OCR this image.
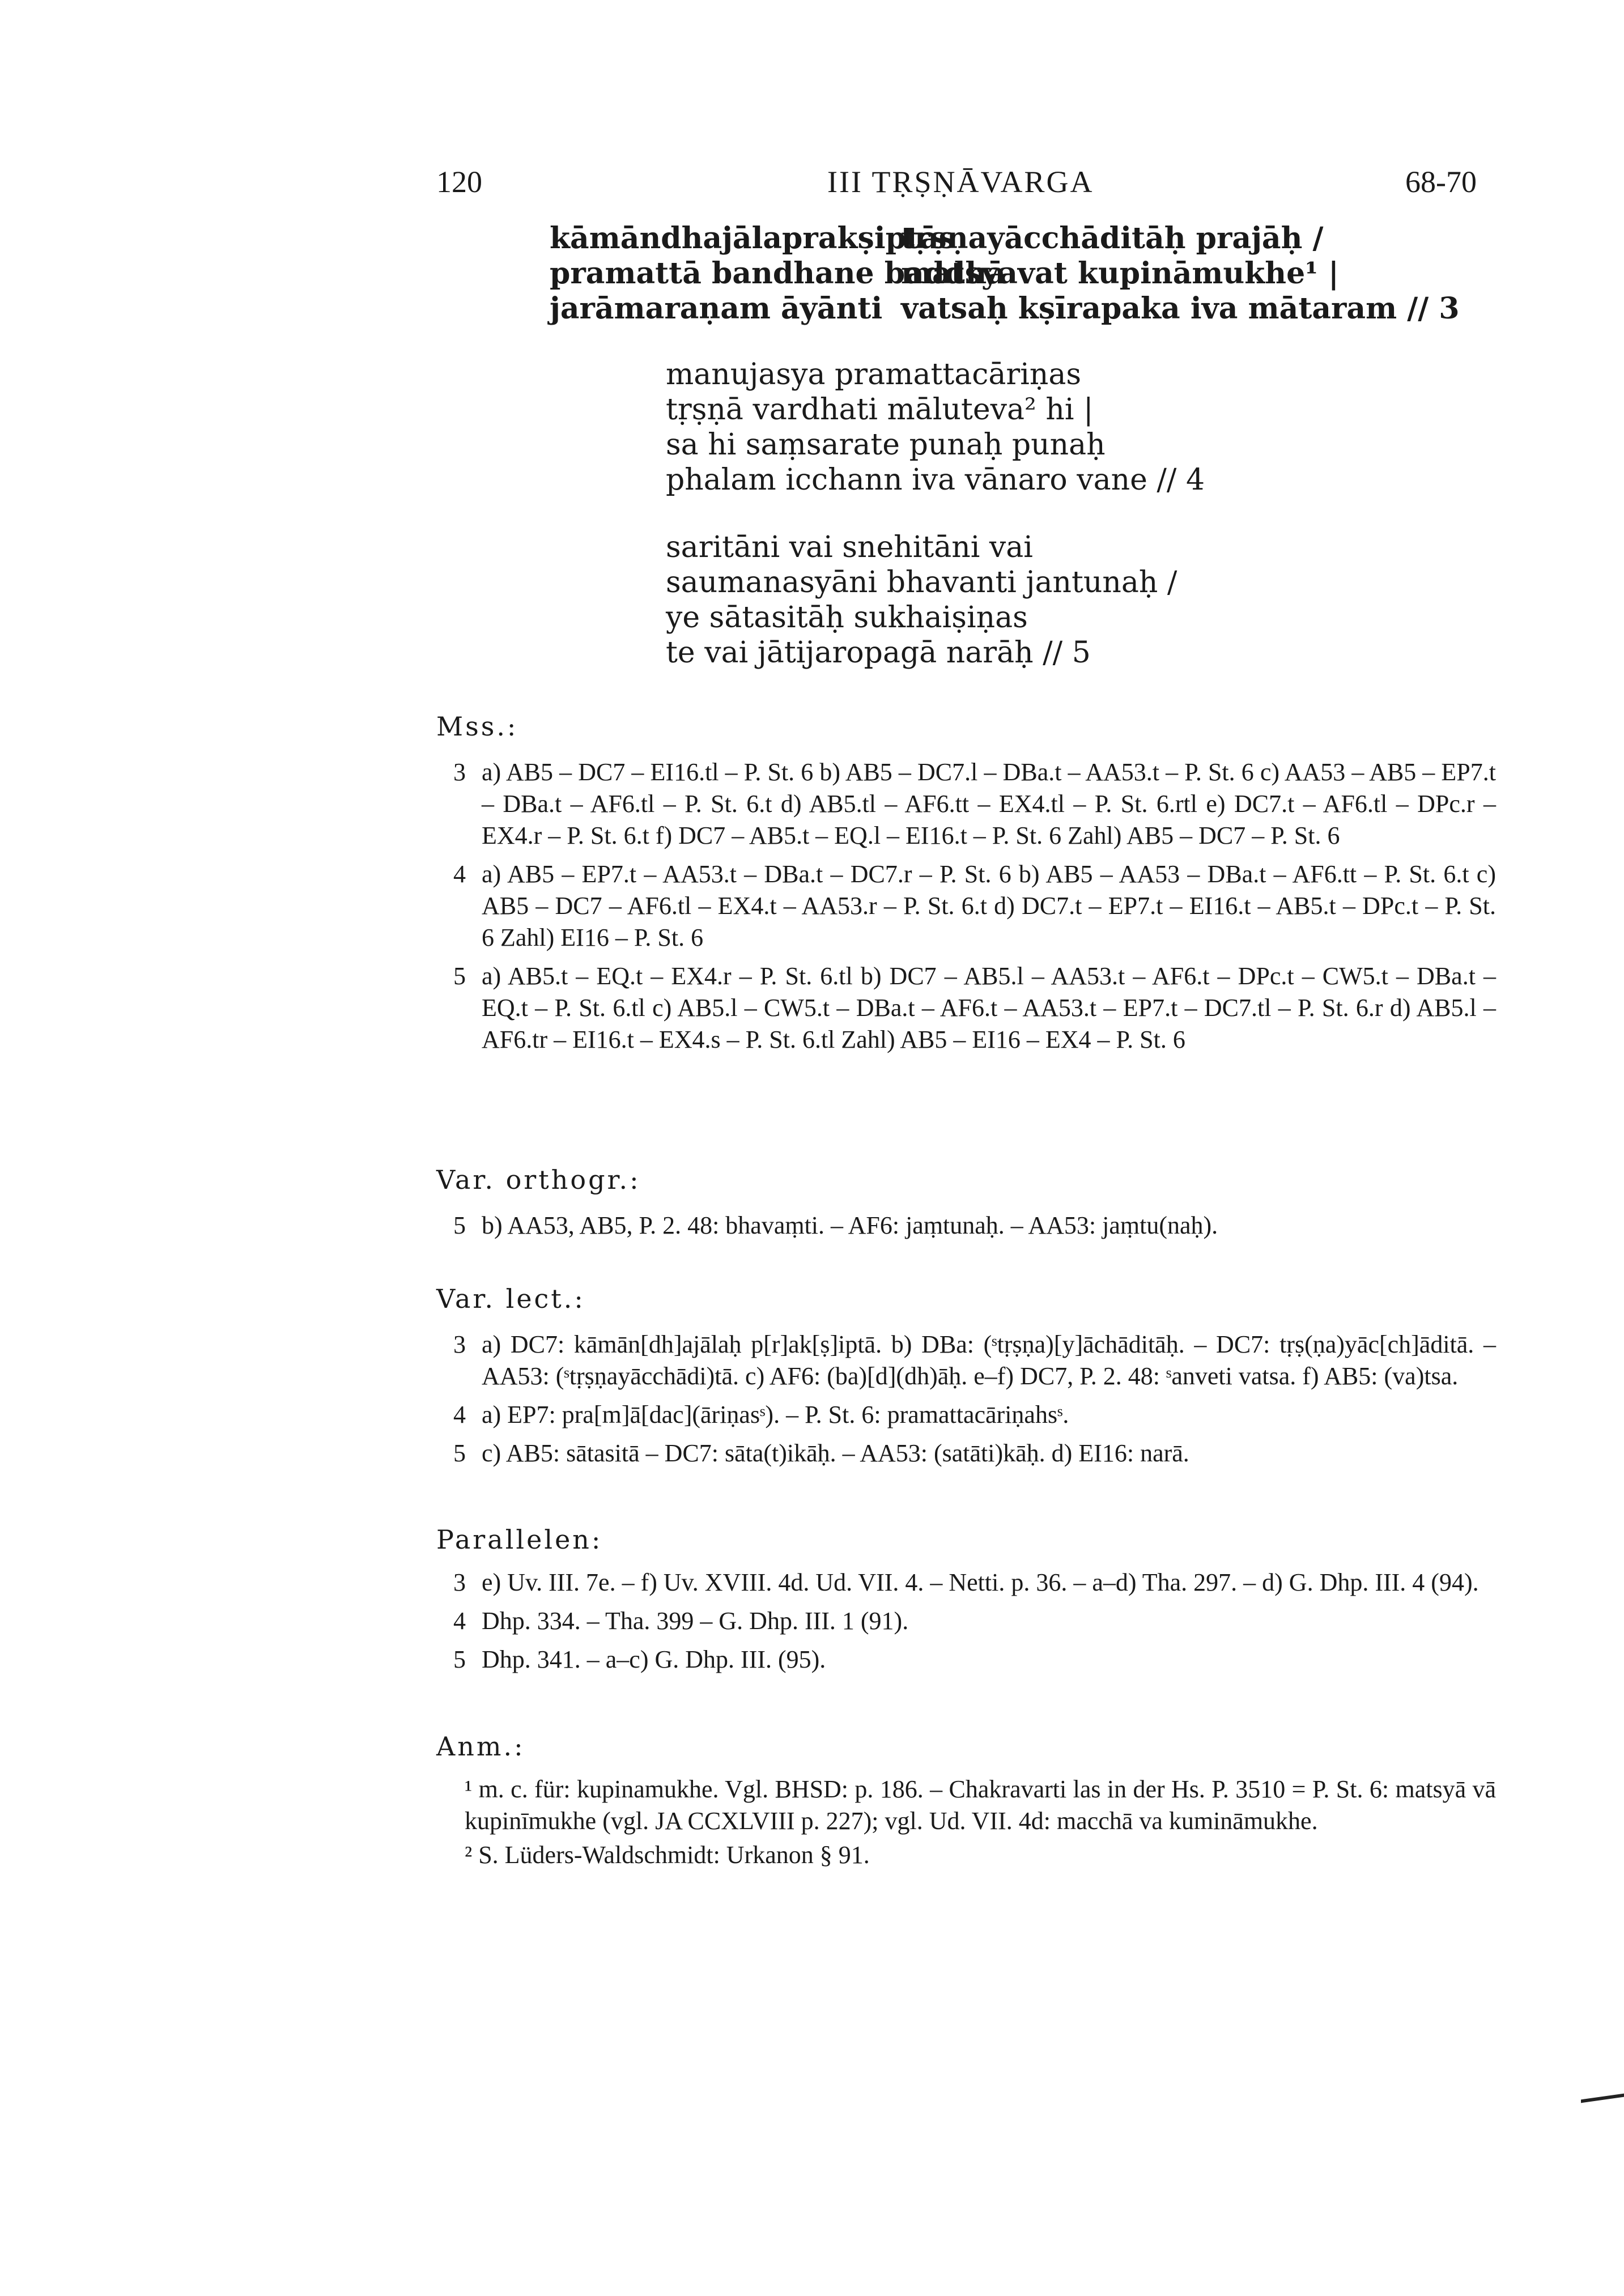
120	III TṚṢṆĀVARGA	68-70
kāmāndhajālaprakṣiptāstṛṣṇayācchāditāḥ prajāḥ /
pramattā bandhane baddhāmatsyavat kupināmukhe¹ |
jarāmaraṇam āyānti vatsaḥ kṣīrapaka iva mātaram // 3
manujasya pramattacāriṇas
tṛṣṇā vardhati māluteva² hi |
sa hi saṃsarate punaḥ punaḥ
phalam icchann iva vānaro vane // 4
saritāni vai snehitāni vai
saumanasyāni bhavanti jantunaḥ /
ye sātasitāḥ sukhaiṣiṇas
te vai jātijaropagā narāḥ // 5
Mss.:
3 a) AB5 – DC7 – EI16.tl – P. St. 6 b) AB5 – DC7.l – DBa.t – AA53.t – P. St. 6 c) AA53 – AB5 – EP7.t – DBa.t – AF6.tl – P. St. 6.t d) AB5.tl – AF6.tt – EX4.tl – P. St. 6.rtl e) DC7.t – AF6.tl – DPc.r – EX4.r – P. St. 6.t f) DC7 – AB5.t – EQ.l – EI16.t – P. St. 6 Zahl) AB5 – DC7 – P. St. 6
4 a) AB5 – EP7.t – AA53.t – DBa.t – DC7.r – P. St. 6 b) AB5 – AA53 – DBa.t – AF6.tt – P. St. 6.t c) AB5 – DC7 – AF6.tl – EX4.t – AA53.r – P. St. 6.t d) DC7.t – EP7.t – EI16.t – AB5.t – DPc.t – P. St. 6 Zahl) EI16 – P. St. 6
5 a) AB5.t – EQ.t – EX4.r – P. St. 6.tl b) DC7 – AB5.l – AA53.t – AF6.t – DPc.t – CW5.t – DBa.t – EQ.t – P. St. 6.tl c) AB5.l – CW5.t – DBa.t – AF6.t – AA53.t – EP7.t – DC7.tl – P. St. 6.r d) AB5.l – AF6.tr – EI16.t – EX4.s – P. St. 6.tl Zahl) AB5 – EI16 – EX4 – P. St. 6
Var. orthogr.:
5 b) AA53, AB5, P. 2. 48: bhavaṃti. – AF6: jaṃtunaḥ. – AA53: jaṃtu(naḥ).
Var. lect.:
3 a) DC7: kāmān[dh]ajālaḥ p[r]ak[ṣ]iptā. b) DBa: (ˢtṛṣṇa)[y]āchāditāḥ. – DC7: tṛṣ(ṇa)yāc[ch]āditā. – AA53: (ˢtṛṣṇayācchādi)tā. c) AF6: (ba)[d](dh)āḥ. e–f) DC7, P. 2. 48: ˢanveti vatsa. f) AB5: (va)tsa.
4 a) EP7: pra[m]ā[dac](āriṇasˢ). – P. St. 6: pramattacāriṇahsˢ.
5 c) AB5: sātasitā – DC7: sāta(t)ikāḥ. – AA53: (satāti)kāḥ. d) EI16: narā.
Parallelen:
3 e) Uv. III. 7e. – f) Uv. XVIII. 4d. Ud. VII. 4. – Netti. p. 36. – a–d) Tha. 297. – d) G. Dhp. III. 4 (94).
4 Dhp. 334. – Tha. 399 – G. Dhp. III. 1 (91).
5 Dhp. 341. – a–c) G. Dhp. III. (95).
Anm.:

¹ m. c. für: kupinamukhe. Vgl. BHSD: p. 186. – Chakravarti las in der Hs. P. 3510 = P. St. 6: matsyā vā kupinīmukhe (vgl. JA CCXLVIII p. 227); vgl. Ud. VII. 4d: macchā va kumināmukhe.

² S. Lüders-Waldschmidt: Urkanon § 91.
